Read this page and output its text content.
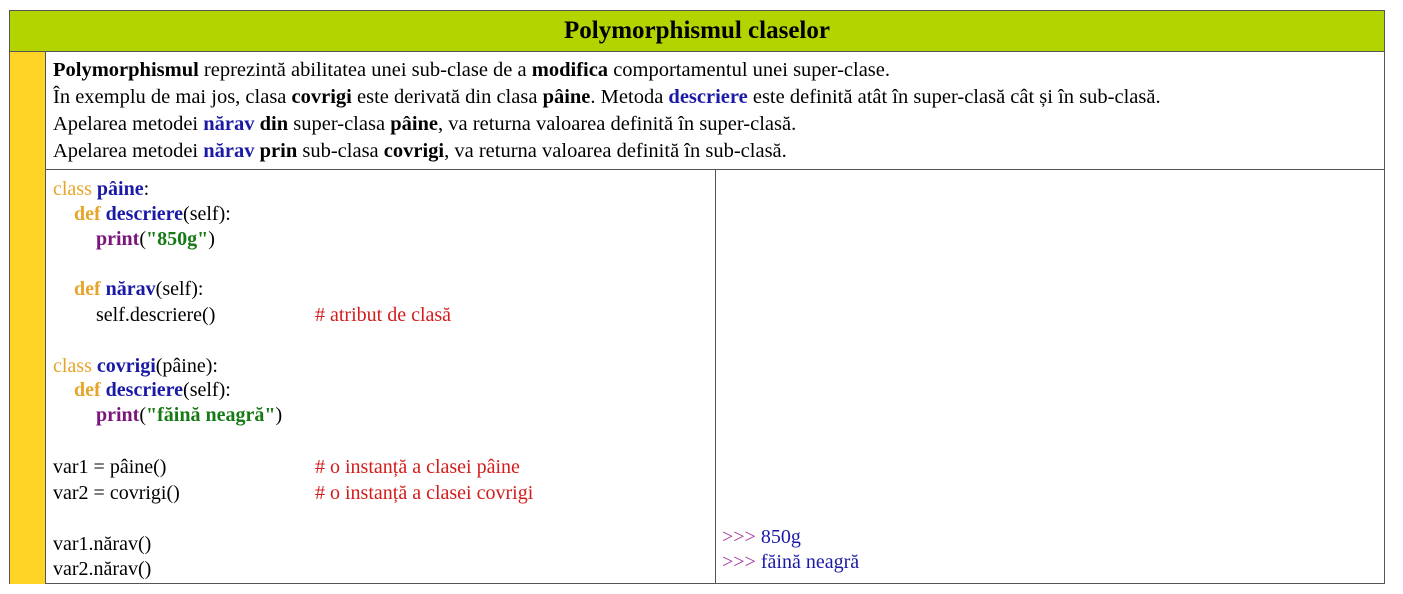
Polymorphismul claselor
Polymorphismul reprezintă abilitatea unei sub-clase de a modifica comportamentul unei super-clase.
În exemplu de mai jos, clasa covrigi este derivată din clasa pâine. Metoda descriere este definită atât în super-clasă cât și în sub-clasă.
Apelarea metodei nărav din super-clasa pâine, va returna valoarea definită în super-clasă.
Apelarea metodei nărav prin sub-clasa covrigi, va returna valoarea definită în sub-clasă.
class pâine:
def descriere(self):
print("850g")
def nărav(self):
self.descriere()	# atribut de clasă
class covrigi(pâine):
def descriere(self):
print("făină neagră")
var1 = pâine()	# o instanță a clasei pâine
var2 = covrigi()	# o instanță a clasei covrigi
var1.nărav()
var2.nărav()
>>> 850g
>>> făină neagră
